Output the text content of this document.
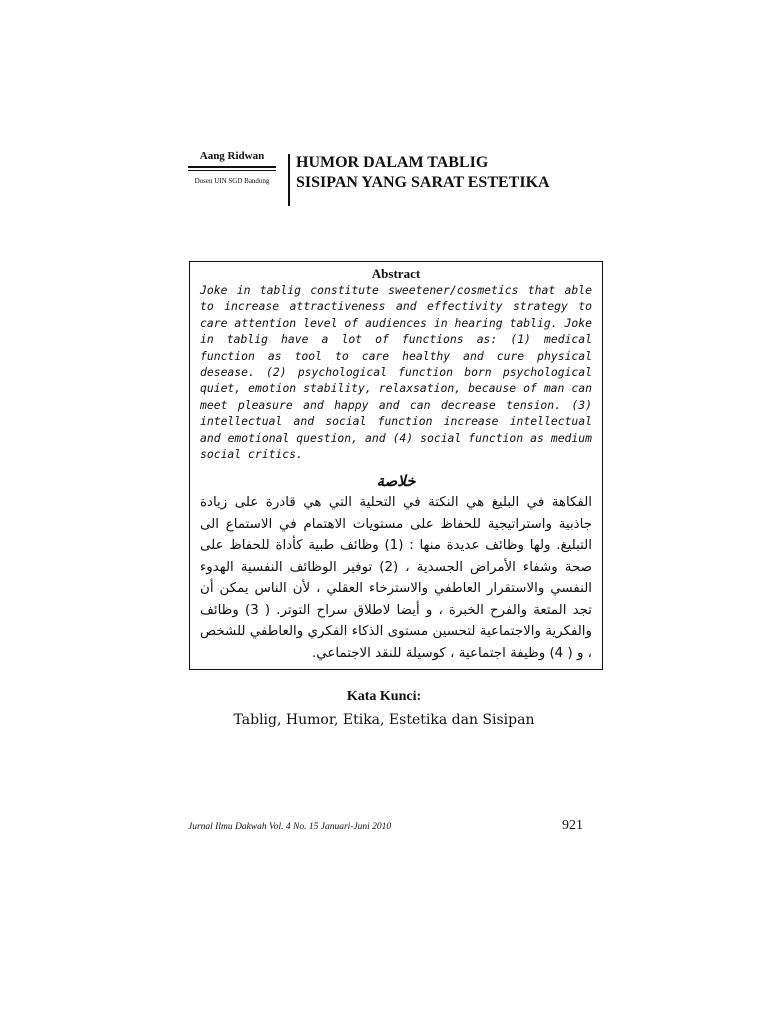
Aang Ridwan
Dosen UIN SGD Bandung
HUMOR DALAM TABLIG
SISIPAN YANG SARAT ESTETIKA

Abstract

Joke in tablig constitute sweetener/cosmetics that able to increase attractiveness and effectivity strategy to care attention level of audiences in hearing tablig. Joke in tablig have a lot of functions as: (1) medical function as tool to care healthy and cure physical desease. (2) psychological function born psychological quiet, emotion stability, relaxsation, because of man can meet pleasure and happy and can decrease tension. (3) intellectual and social function increase intellectual and emotional question, and (4) social function as medium social critics.

خلاصة

الفكاهة في البليغ هي النكتة في التحلية التي هي قادرة على زيادة جاذبية واستراتيجية للحفاظ على مستويات الاهتمام في الاستماع الى التبليغ. ولها وظائف عديدة منها : (1) وظائف طبية كأداة للحفاظ على صحة وشفاء الأمراض الجسدية ، (2) توفير الوظائف النفسية الهدوء النفسي والاستقرار العاطفي والاسترخاء العقلي ، لأن الناس يمكن أن تجد المتعة والفرح الخبرة ، و أيضا لاطلاق سراح التوتر. ( 3) وظائف والفكرية والاجتماعية لتحسين مستوى الذكاء الفكري والعاطفي للشخص ، و ( 4) وظيفة اجتماعية ، كوسيلة للنقد الاجتماعي.

Kata Kunci:
Tablig, Humor, Etika, Estetika dan Sisipan
Jurnal Ilmu Dakwah Vol. 4 No. 15 Januari-Juni 2010	921
